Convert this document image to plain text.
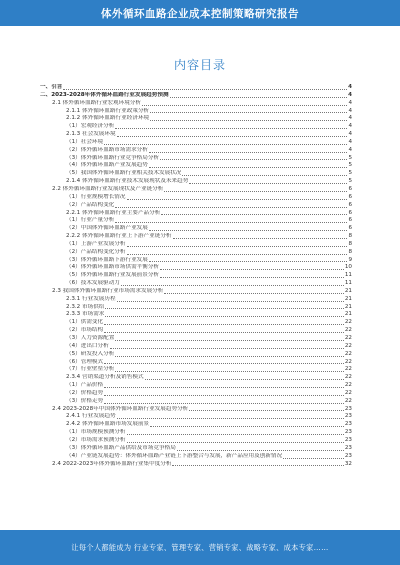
体外循环血路企业成本控制策略研究报告
内容目录
一、引言	4
二、2023-2028年体外循环血路行业发展趋势预测	4
2.1 体外循环血路行业宏观环境分析	4
2.1.1 体外循环血路行业政策分析	4
2.1.2 体外循环血路行业经济环境	4
（1）宏观经济分析	4
2.1.3 社会发展环境	4
（1）社会环境	4
（2）体外循环血路市场需求分析	4
（3）体外循环血路行业竞争格局分析	5
（4）体外循环血路产业发展趋势	5
（5）我国体外循环血路行业相关技术发展状况	5
2.1.4 体外循环血路行业技术发展现状及未来趋势	5
2.2 体外循环血路行业发展现状及产业链分析	6
（1）行业规模增长情况	6
（2）产品结构变化	6
2.2.1 体外循环血路行业主要产品分析	6
（1）行业产量分析	6
（2）中国体外循环血路产业发展	6
2.2.2 体外循环血路行业上下游产业链分析	8
（1）上游产业发展分析	8
（2）产品结构变化分析	8
（3）体外循环血路下游行业发展	9
（4）体外循环血路市场供需平衡分析	10
（5）体外循环血路行业发展前景分析	11
（6）技术发展驱动力	11
2.3 我国体外循环血路行业市场需求发展分析	21
2.3.1 行业发展历程	21
2.3.2 市场供给	21
2.3.3 市场需求	21
（1）供需变化	22
（2）市场结构	22
（3）人力资源配置	22
（4）进出口分析	22
（5）研发投入分析	22
（6）管理模式	22
（7）行业壁垒分析	22
2.3.4 营销渠道分析及销售模式	22
（1）产品价格	22
（2）价格趋势	22
（3）价格走势	22
2.4 2023-2028年中国体外循环血路行业发展趋势分析	23
2.4.1 行业发展趋势	23
2.4.2 体外循环血路市场发展前景	23
（1）市场规模预测分析	23
（2）市场需求预测分析	23
（3）体外循环血路产品供给及市场竞争格局	23
（4）产业链发展趋势：体外循环血路产业链上下游整合与发展，新产品应用及创新情况	23
2.4 2022-2023年体外循环血路行业集中度分析	32
让每个人都能成为 行业专家、管理专家、营销专家、战略专家、成本专家……
